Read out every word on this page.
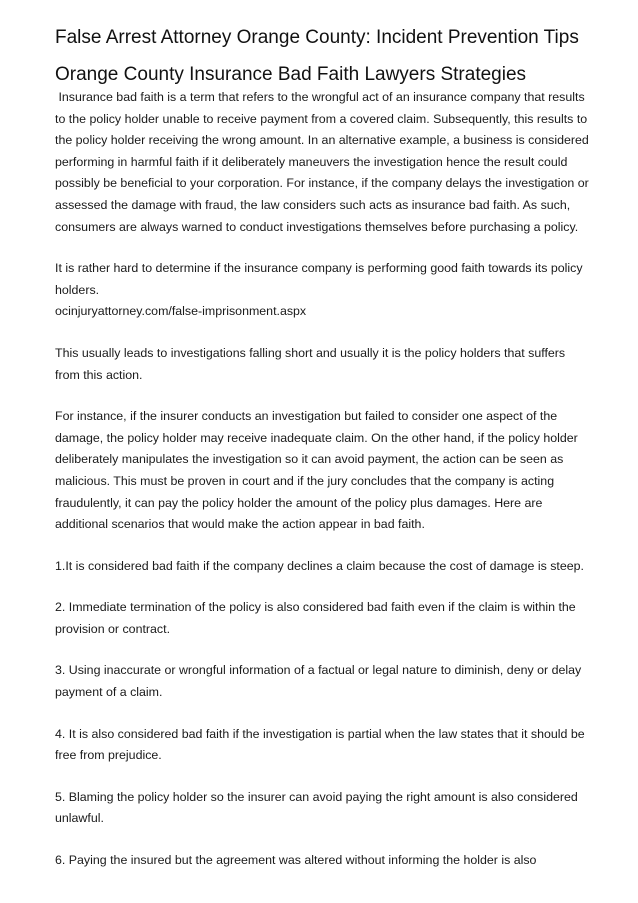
False Arrest Attorney Orange County: Incident Prevention Tips
Orange County Insurance Bad Faith Lawyers Strategies

Insurance bad faith is a term that refers to the wrongful act of an insurance company that results to the policy holder unable to receive payment from a covered claim. Subsequently, this results to the policy holder receiving the wrong amount. In an alternative example, a business is considered performing in harmful faith if it deliberately maneuvers the investigation hence the result could possibly be beneficial to your corporation. For instance, if the company delays the investigation or assessed the damage with fraud, the law considers such acts as insurance bad faith. As such, consumers are always warned to conduct investigations themselves before purchasing a policy.

It is rather hard to determine if the insurance company is performing good faith towards its policy holders.

ocinjuryattorney.com/false-imprisonment.aspx

This usually leads to investigations falling short and usually it is the policy holders that suffers from this action.

For instance, if the insurer conducts an investigation but failed to consider one aspect of the damage, the policy holder may receive inadequate claim. On the other hand, if the policy holder deliberately manipulates the investigation so it can avoid payment, the action can be seen as malicious. This must be proven in court and if the jury concludes that the company is acting fraudulently, it can pay the policy holder the amount of the policy plus damages. Here are additional scenarios that would make the action appear in bad faith.

1.It is considered bad faith if the company declines a claim because the cost of damage is steep.

2. Immediate termination of the policy is also considered bad faith even if the claim is within the provision or contract.

3. Using inaccurate or wrongful information of a factual or legal nature to diminish, deny or delay payment of a claim.

4. It is also considered bad faith if the investigation is partial when the law states that it should be free from prejudice.

5. Blaming the policy holder so the insurer can avoid paying the right amount is also considered unlawful.

6. Paying the insured but the agreement was altered without informing the holder is also
